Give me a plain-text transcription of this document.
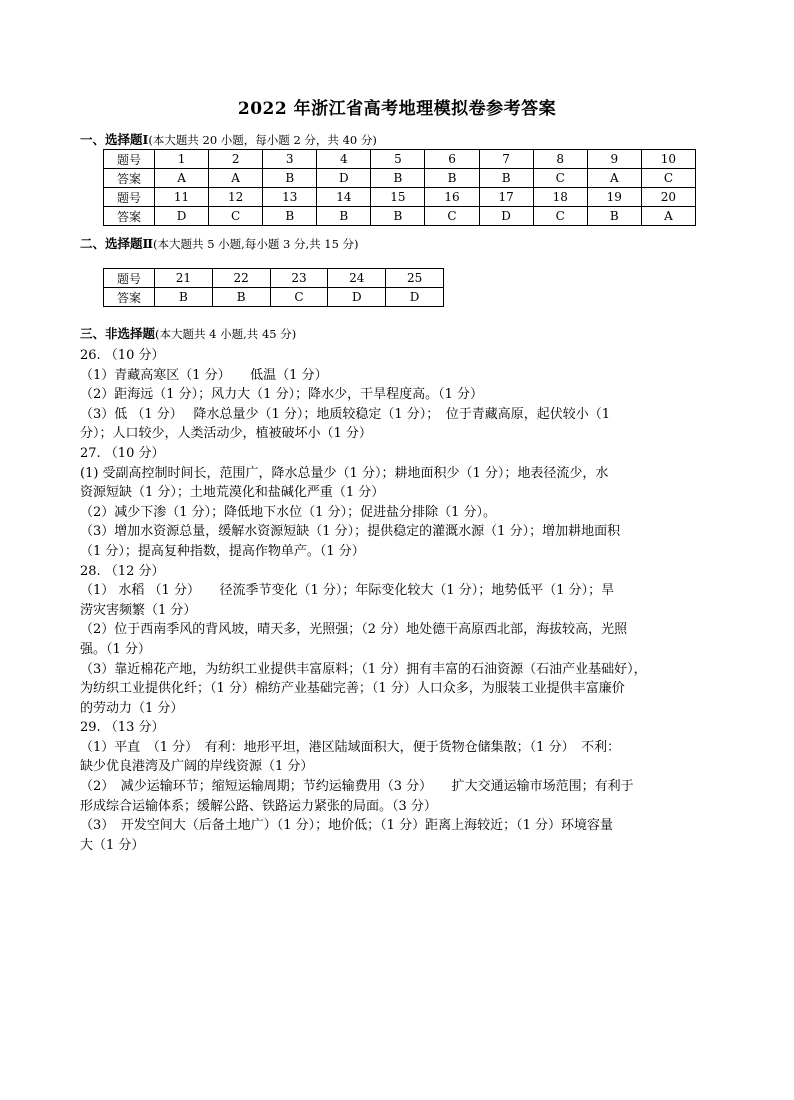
2022 年浙江省高考地理模拟卷参考答案
一、选择题Ⅰ(本大题共 20 小题，每小题 2 分，共 40 分)
题号	1	2	3	4	5	6	7	8	9	10
答案	A	A	B	D	B	B	B	C	A	C
题号	11	12	13	14	15	16	17	18	19	20
答案	D	C	B	B	B	C	D	C	B	A
二、选择题Ⅱ(本大题共 5 小题,每小题 3 分,共 15 分)
题号	21	22	23	24	25
答案	B	B	C	D	D
三、非选择题(本大题共 4 小题,共 45 分)

26. （10 分）

（1）青藏高寒区（1 分）　　低温（1 分）

（2）距海远（1 分）；风力大（1 分）；降水少，干旱程度高。（1 分）

（3）低 （1 分）　 降水总量少（1 分）；地质较稳定（1 分）；　位于青藏高原，起伏较小（1

分）；人口较少，人类活动少，植被破坏小（1 分）

27. （10 分）

(1) 受副高控制时间长，范围广，降水总量少（1 分）；耕地面积少（1 分）；地表径流少，水

资源短缺（1 分）；土地荒漠化和盐碱化严重（1 分）

（2）减少下渗（1 分）；降低地下水位（1 分）；促进盐分排除（1 分）。

（3）增加水资源总量，缓解水资源短缺（1 分）；提供稳定的灌溉水源（1 分）；增加耕地面积

（1 分）；提高复种指数，提高作物单产。（1 分）

28. （12 分）

（1） 水稻 （1 分）　　径流季节变化（1 分）；年际变化较大（1 分）；地势低平（1 分）；旱

涝灾害频繁（1 分）

（2）位于西南季风的背风坡，晴天多，光照强；（2 分）地处德干高原西北部，海拔较高，光照

强。（1 分）

（3）靠近棉花产地，为纺织工业提供丰富原料；（1 分）拥有丰富的石油资源（石油产业基础好），

为纺织工业提供化纤；（1 分）棉纺产业基础完善；（1 分）人口众多，为服装工业提供丰富廉价

的劳动力（1 分）

29. （13 分）

（1）平直　（1 分）　有利：地形平坦，港区陆域面积大，便于货物仓储集散；（1 分）　不利：

缺少优良港湾及广阔的岸线资源（1 分）

（2）　减少运输环节；缩短运输周期；节约运输费用（3 分）　　扩大交通运输市场范围；有利于

形成综合运输体系；缓解公路、铁路运力紧张的局面。（3 分）

（3）　开发空间大（后备土地广）（1 分）；地价低；（1 分）距离上海较近；（1 分）环境容量

大（1 分）
